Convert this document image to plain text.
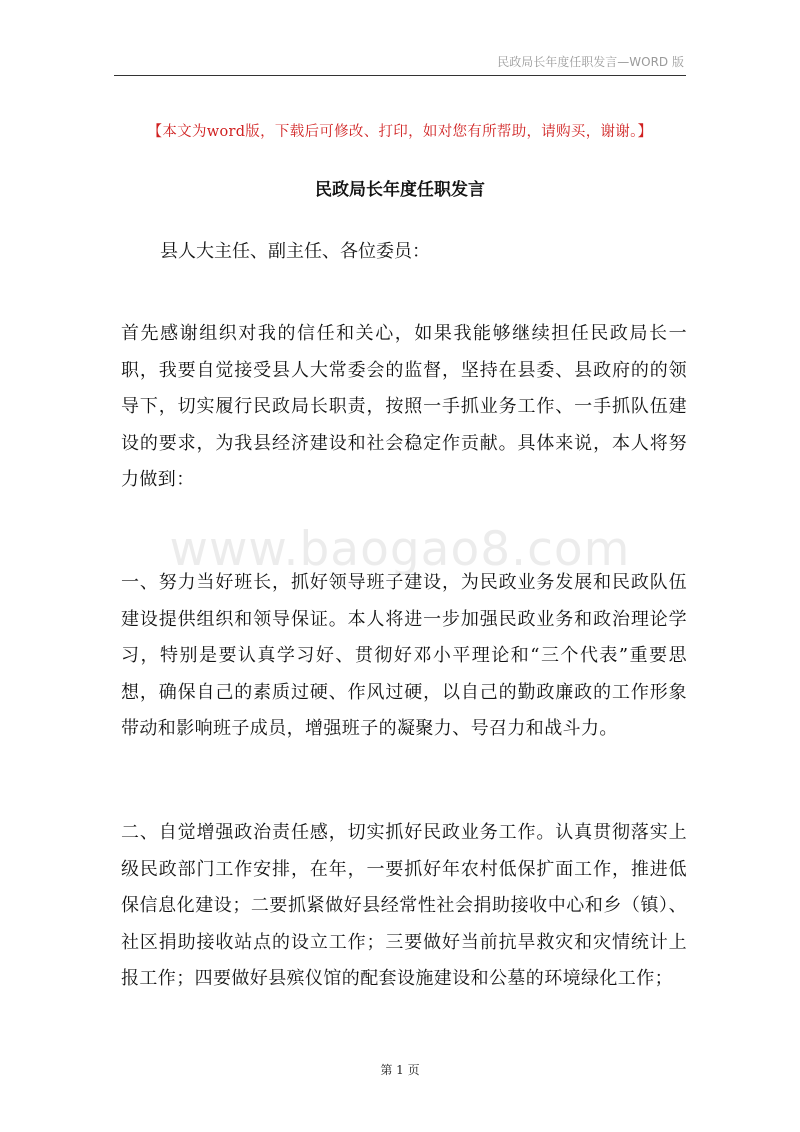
民政局长年度任职发言—WORD 版
【本文为word版，下载后可修改、打印，如对您有所帮助，请购买，谢谢。】
民政局长年度任职发言
县人大主任、副主任、各位委员：
首先感谢组织对我的信任和关心，如果我能够继续担任民政局长一职，我要自觉接受县人大常委会的监督，坚持在县委、县政府的的领导下，切实履行民政局长职责，按照一手抓业务工作、一手抓队伍建设的要求，为我县经济建设和社会稳定作贡献。具体来说，本人将努力做到：
www.baogao8.com
一、努力当好班长，抓好领导班子建设，为民政业务发展和民政队伍建设提供组织和领导保证。本人将进一步加强民政业务和政治理论学习，特别是要认真学习好、贯彻好邓小平理论和“三个代表”重要思想，确保自己的素质过硬、作风过硬，以自己的勤政廉政的工作形象带动和影响班子成员，增强班子的凝聚力、号召力和战斗力。
二、自觉增强政治责任感，切实抓好民政业务工作。认真贯彻落实上级民政部门工作安排，在年，一要抓好年农村低保扩面工作，推进低保信息化建设；二要抓紧做好县经常性社会捐助接收中心和乡（镇）、社区捐助接收站点的设立工作；三要做好当前抗旱救灾和灾情统计上报工作；四要做好县殡仪馆的配套设施建设和公墓的环境绿化工作；
第 1 页
